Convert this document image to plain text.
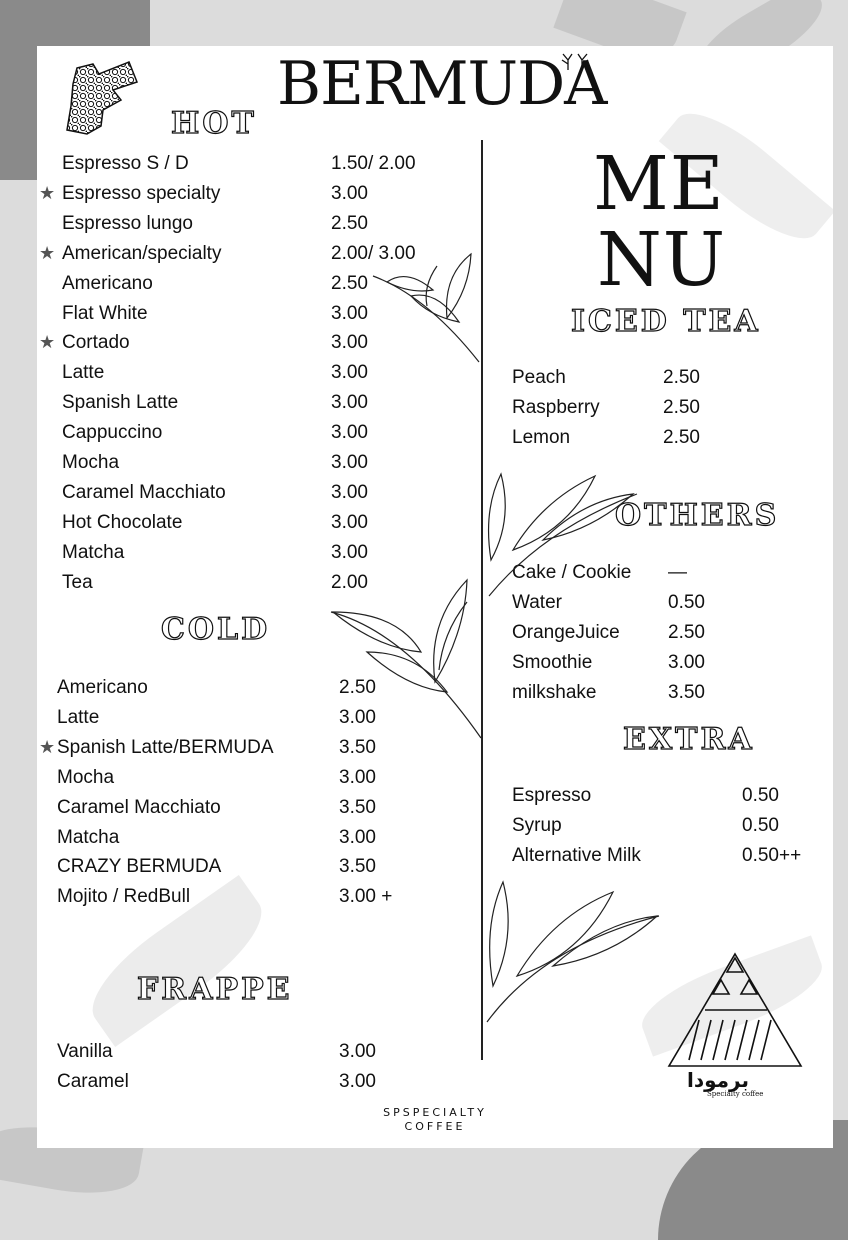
BERMUDA
HOT
Espresso S / D	1.50/ 2.00
★ Espresso specialty	3.00
Espresso lungo	2.50
★ American/specialty	2.00/ 3.00
Americano	2.50
Flat White	3.00
★ Cortado	3.00
Latte	3.00
Spanish Latte	3.00
Cappuccino	3.00
Mocha	3.00
Caramel Macchiato	3.00
Hot Chocolate	3.00
Matcha	3.00
Tea	2.00
COLD
Americano	2.50
Latte	3.00
★ Spanish Latte/BERMUDA	3.50
Mocha	3.00
Caramel Macchiato	3.50
Matcha	3.00
CRAZY BERMUDA	3.50
Mojito / RedBull	3.00 +
FRAPPE
Vanilla	3.00
Caramel	3.00
ME
NU
ICED TEA
Peach	2.50
Raspberry	2.50
Lemon	2.50
OTHERS
Cake / Cookie —
Water	0.50
OrangeJuice	2.50
Smoothie	3.00
milkshake	3.50
EXTRA
Espresso	0.50
Syrup	0.50
Alternative Milk	0.50++
برمودا
Specialty coffee
SPSPECIALTY
COFFEE
